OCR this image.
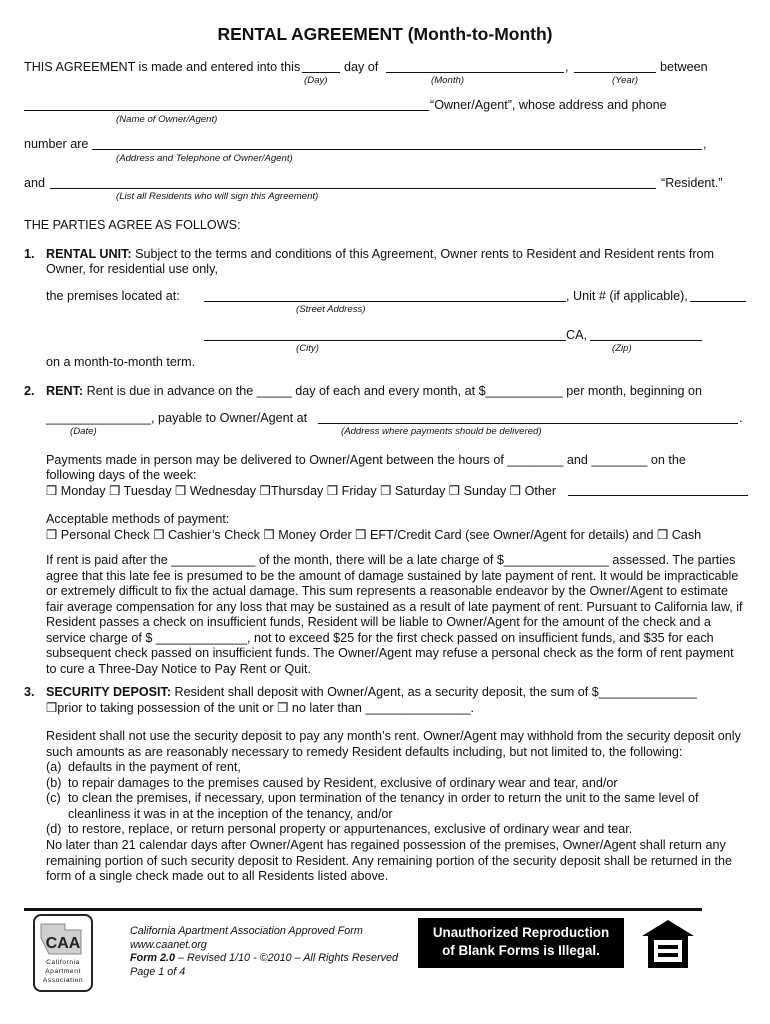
RENTAL AGREEMENT (Month-to-Month)
THIS AGREEMENT is made and entered into this	day of	,	between
(Day)	(Month)	(Year)
“Owner/Agent”, whose address and phone
(Name of Owner/Agent)
number are	,
(Address and Telephone of Owner/Agent)
and	“Resident.”
(List all Residents who will sign this Agreement)
THE PARTIES AGREE AS FOLLOWS:
1. RENTAL UNIT: Subject to the terms and conditions of this Agreement, Owner rents to Resident and Resident rents from
Owner, for residential use only,
the premises located at:	, Unit # (if applicable),
(Street Address)
CA,
(City)	(Zip)
on a month-to-month term.
2. RENT: Rent is due in advance on the _____ day of each and every month, at $___________ per month, beginning on
_______________, payable to Owner/Agent at	.
(Date)	(Address where payments should be delivered)
Payments made in person may be delivered to Owner/Agent between the hours of ________ and ________ on the
following days of the week:
❒ Monday ❒ Tuesday ❒ Wednesday ❒Thursday ❒ Friday ❒ Saturday ❒ Sunday ❒ Other
Acceptable methods of payment:
❒ Personal Check ❒ Cashier’s Check ❒ Money Order ❒ EFT/Credit Card (see Owner/Agent for details) and ❒ Cash
If rent is paid after the ____________ of the month, there will be a late charge of $_______________ assessed. The parties
agree that this late fee is presumed to be the amount of damage sustained by late payment of rent. It would be impracticable
or extremely difficult to fix the actual damage. This sum represents a reasonable endeavor by the Owner/Agent to estimate
fair average compensation for any loss that may be sustained as a result of late payment of rent. Pursuant to California law, if
Resident passes a check on insufficient funds, Resident will be liable to Owner/Agent for the amount of the check and a
service charge of $ _____________, not to exceed $25 for the first check passed on insufficient funds, and $35 for each
subsequent check passed on insufficient funds. The Owner/Agent may refuse a personal check as the form of rent payment
to cure a Three-Day Notice to Pay Rent or Quit.
3. SECURITY DEPOSIT: Resident shall deposit with Owner/Agent, as a security deposit, the sum of $______________
❒prior to taking possession of the unit or ❒ no later than _______________.
Resident shall not use the security deposit to pay any month’s rent. Owner/Agent may withhold from the security deposit only
such amounts as are reasonably necessary to remedy Resident defaults including, but not limited to, the following:
(a) defaults in the payment of rent,
(b) to repair damages to the premises caused by Resident, exclusive of ordinary wear and tear, and/or
(c) to clean the premises, if necessary, upon termination of the tenancy in order to return the unit to the same level of
cleanliness it was in at the inception of the tenancy, and/or
(d) to restore, replace, or return personal property or appurtenances, exclusive of ordinary wear and tear.
No later than 21 calendar days after Owner/Agent has regained possession of the premises, Owner/Agent shall return any
remaining portion of such security deposit to Resident. Any remaining portion of the security deposit shall be returned in the
form of a single check made out to all Residents listed above.
CAA
California
Apartment
Association
California Apartment Association Approved Form
www.caanet.org
Form 2.0 – Revised 1/10 - ©2010 – All Rights Reserved
Page 1 of 4
Unauthorized Reproduction
of Blank Forms is Illegal.
